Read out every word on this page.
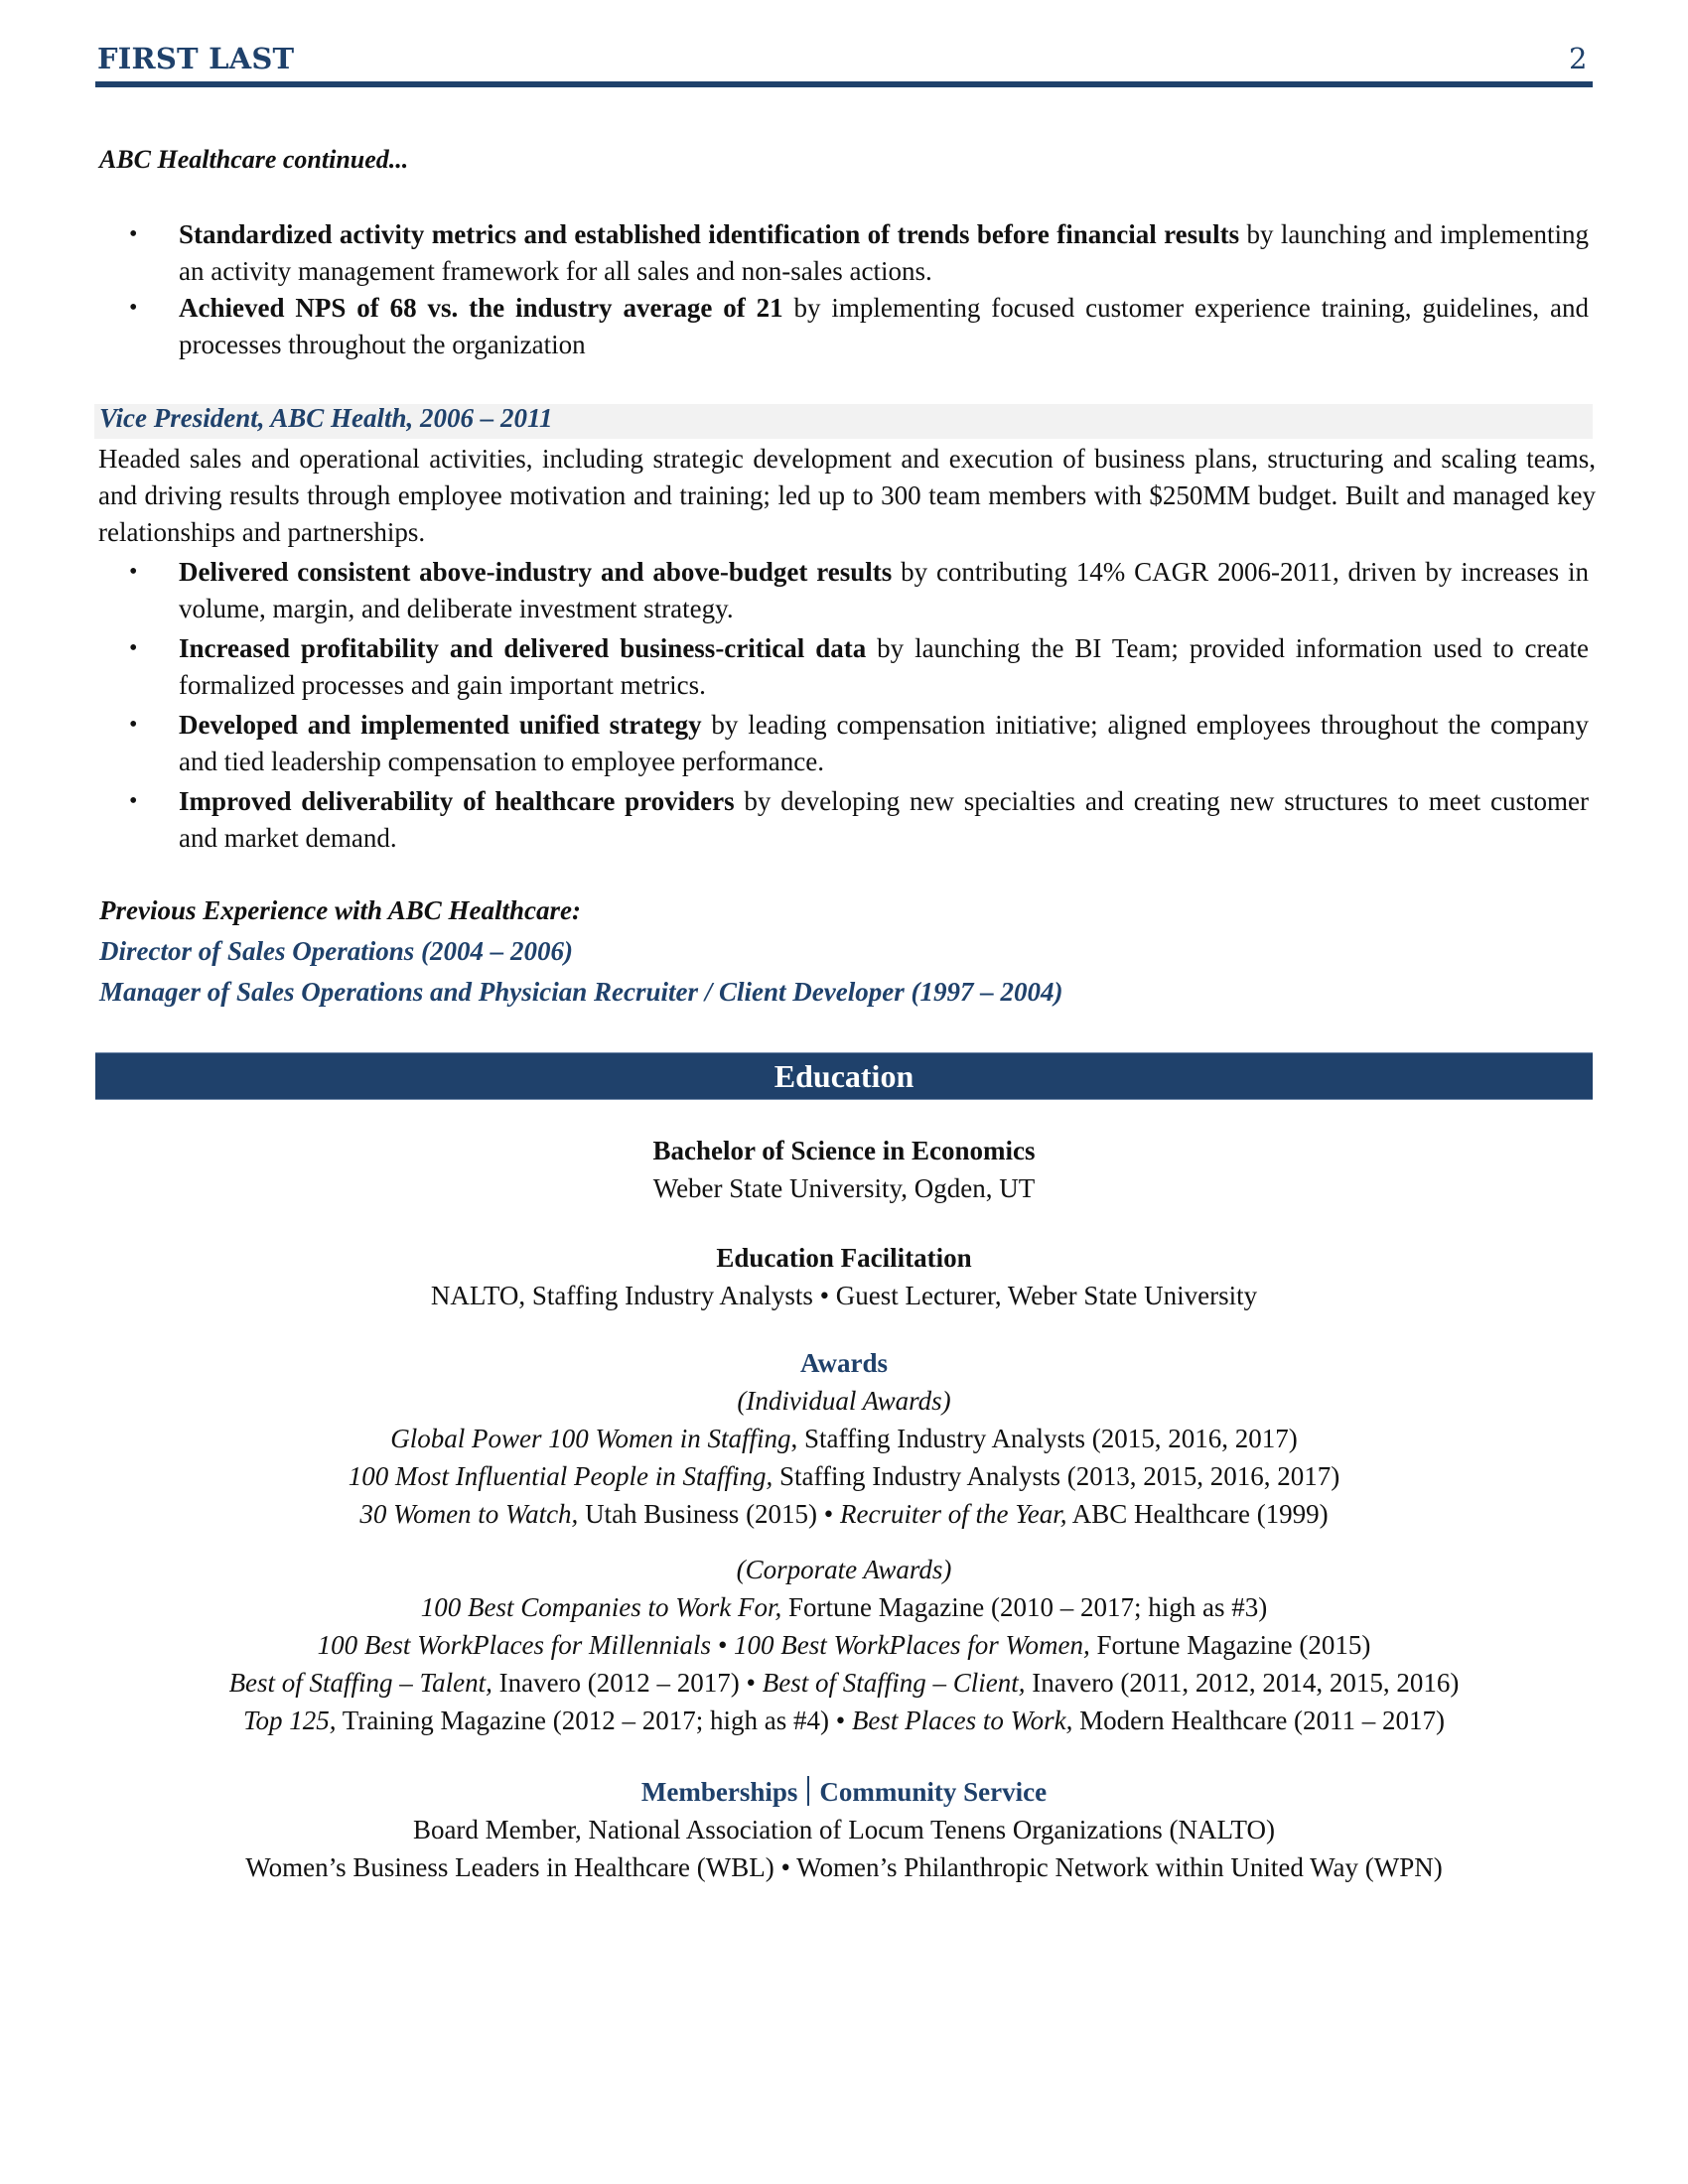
FIRST LAST	2
ABC Healthcare continued...
• Standardized activity metrics and established identification of trends before financial results by launching and implementing an activity management framework for all sales and non-sales actions.
• Achieved NPS of 68 vs. the industry average of 21 by implementing focused customer experience training, guidelines, and processes throughout the organization
Vice President, ABC Health, 2006 – 2011
Headed sales and operational activities, including strategic development and execution of business plans, structuring and scaling teams, and driving results through employee motivation and training; led up to 300 team members with $250MM budget. Built and managed key relationships and partnerships.
• Delivered consistent above-industry and above-budget results by contributing 14% CAGR 2006-2011, driven by increases in volume, margin, and deliberate investment strategy.
• Increased profitability and delivered business-critical data by launching the BI Team; provided information used to create formalized processes and gain important metrics.
• Developed and implemented unified strategy by leading compensation initiative; aligned employees throughout the company and tied leadership compensation to employee performance.
• Improved deliverability of healthcare providers by developing new specialties and creating new structures to meet customer and market demand.
Previous Experience with ABC Healthcare:
Director of Sales Operations (2004 – 2006)
Manager of Sales Operations and Physician Recruiter / Client Developer (1997 – 2004)
Education
Bachelor of Science in Economics
Weber State University, Ogden, UT
Education Facilitation
NALTO, Staffing Industry Analysts • Guest Lecturer, Weber State University
Awards
(Individual Awards)
Global Power 100 Women in Staffing, Staffing Industry Analysts (2015, 2016, 2017)
100 Most Influential People in Staffing, Staffing Industry Analysts (2013, 2015, 2016, 2017)
30 Women to Watch, Utah Business (2015) • Recruiter of the Year, ABC Healthcare (1999)
(Corporate Awards)
100 Best Companies to Work For, Fortune Magazine (2010 – 2017; high as #3)
100 Best WorkPlaces for Millennials • 100 Best WorkPlaces for Women, Fortune Magazine (2015)
Best of Staffing – Talent, Inavero (2012 – 2017) • Best of Staffing – Client, Inavero (2011, 2012, 2014, 2015, 2016)
Top 125, Training Magazine (2012 – 2017; high as #4) • Best Places to Work, Modern Healthcare (2011 – 2017)
Memberships Community Service
Board Member, National Association of Locum Tenens Organizations (NALTO)
Women’s Business Leaders in Healthcare (WBL) • Women’s Philanthropic Network within United Way (WPN)
